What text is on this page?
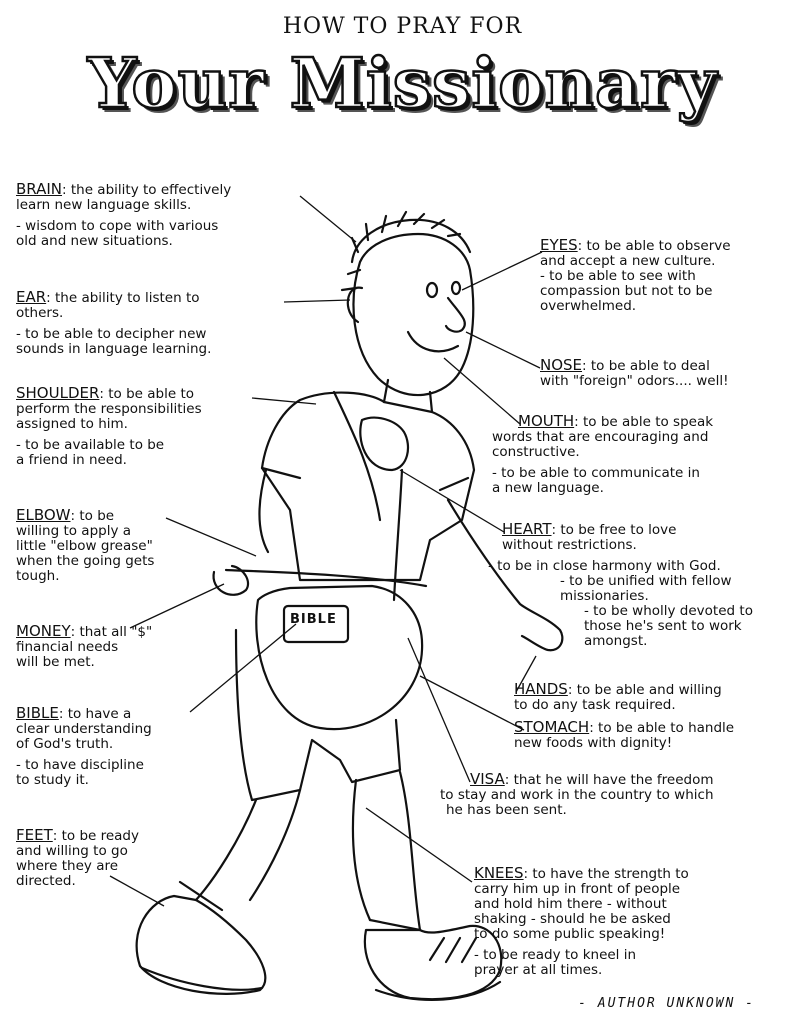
HOW TO PRAY FOR
Your Missionary
BIBLE
BRAIN: the ability to effectively
learn new language skills.
- wisdom to cope with various
old and new situations.
EAR: the ability to listen to
others.
- to be able to decipher new
sounds in language learning.
SHOULDER: to be able to
perform the responsibilities
assigned to him.
- to be available to be
a friend in need.
ELBOW: to be
willing to apply a
little "elbow grease"
when the going gets
tough.
MONEY: that all "$"
financial needs
will be met.
BIBLE: to have a
clear understanding
of God's truth.
- to have discipline
to study it.
FEET: to be ready
and willing to go
where they are
directed.
EYES: to be able to observe
and accept a new culture.
- to be able to see with
compassion but not to be
overwhelmed.
NOSE: to be able to deal
with "foreign" odors.... well!
MOUTH: to be able to speak
words that are encouraging and
constructive.
- to be able to communicate in
a new language.
HEART: to be free to love
without restrictions.
- to be in close harmony with God.
- to be unified with fellow missionaries.
- to be wholly devoted to those he's sent to work amongst.
HANDS: to be able and willing
to do any task required.
STOMACH: to be able to handle
new foods with dignity!
VISA: that he will have the freedom
to stay and work in the country to which
he has been sent.
KNEES: to have the strength to
carry him up in front of people
and hold him there - without
shaking - should he be asked
to do some public speaking!
- to be ready to kneel in
prayer at all times.
- AUTHOR UNKNOWN -
